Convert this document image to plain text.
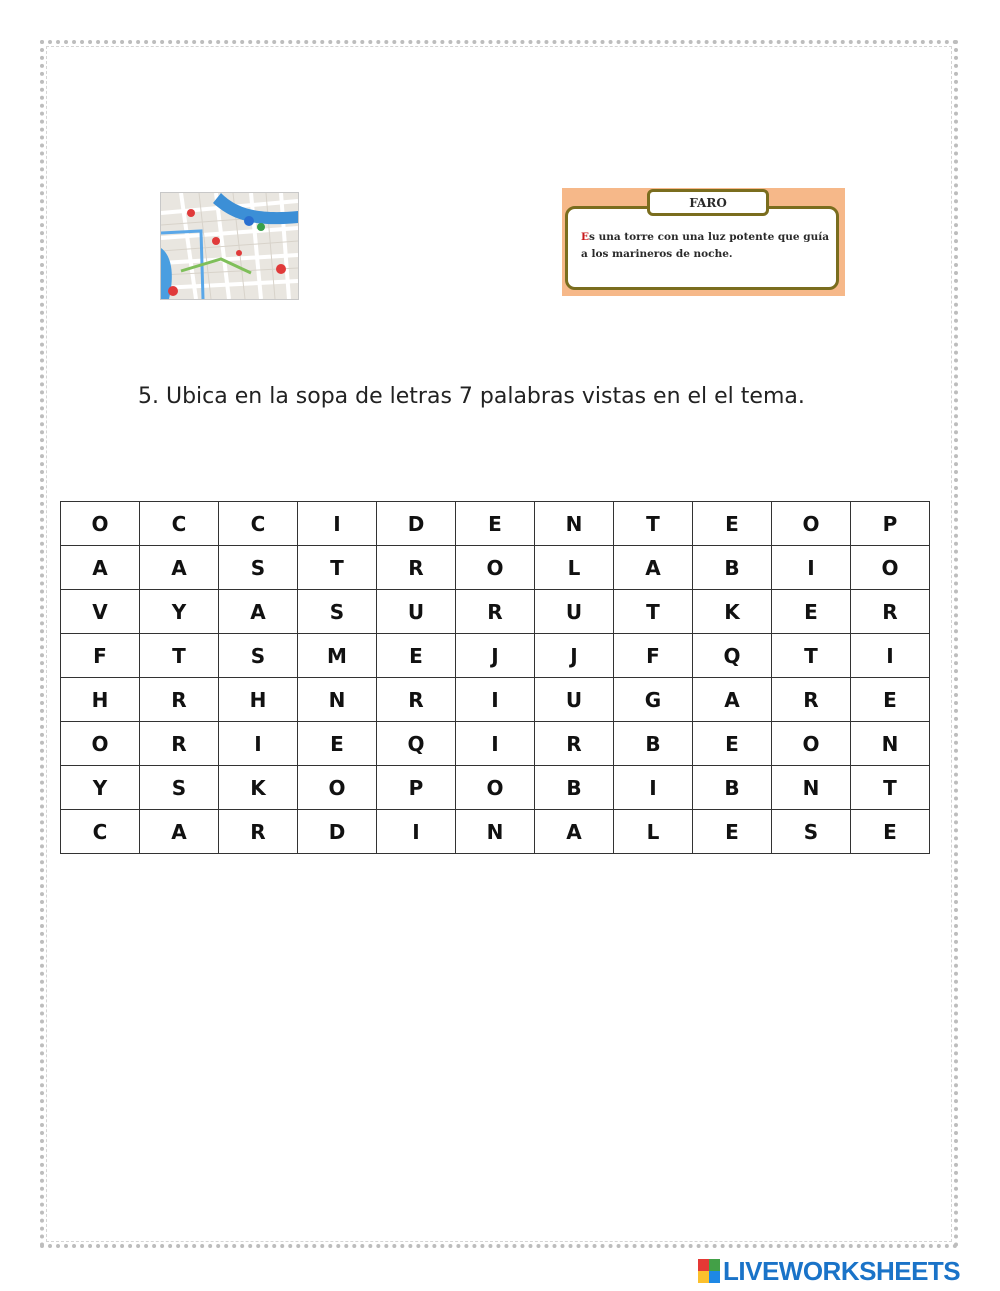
Es una torre con una luz potente que guía a los marineros de noche.
FARO
5. Ubica en la sopa de letras 7 palabras vistas en el el tema.
O	C	C	I	D	E	N	T	E	O	P
A	A	S	T	R	O	L	A	B	I	O
V	Y	A	S	U	R	U	T	K	E	R
F	T	S	M	E	J	J	F	Q	T	I
H	R	H	N	R	I	U	G	A	R	E
O	R	I	E	Q	I	R	B	E	O	N
Y	S	K	O	P	O	B	I	B	N	T
C	A	R	D	I	N	A	L	E	S	E
LIVEWORKSHEETS
